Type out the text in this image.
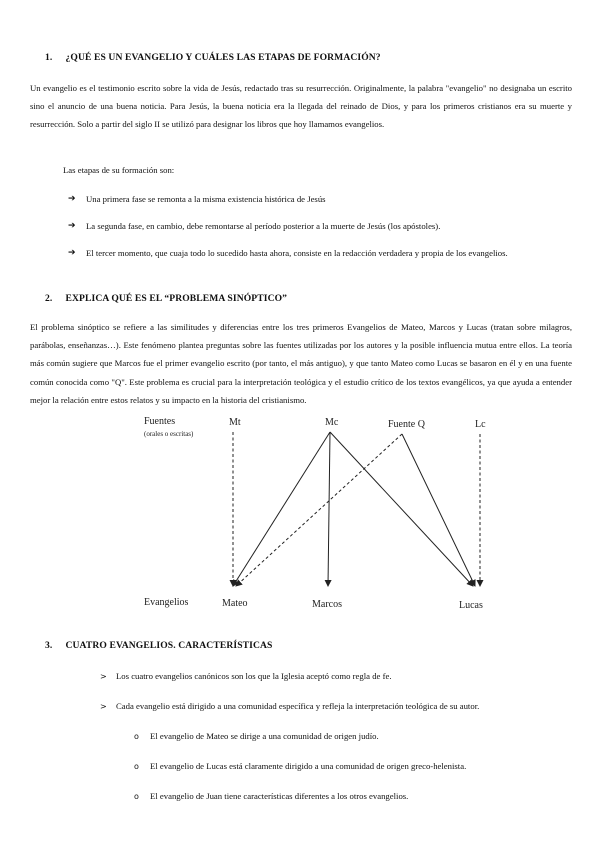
1. ¿QUÉ ES UN EVANGELIO Y CUÁLES LAS ETAPAS DE FORMACIÓN?

Un evangelio es el testimonio escrito sobre la vida de Jesús, redactado tras su resurrección. Originalmente, la palabra "evangelio" no designaba un escrito sino el anuncio de una buena noticia. Para Jesús, la buena noticia era la llegada del reinado de Dios, y para los primeros cristianos era su muerte y resurrección. Solo a partir del siglo II se utilizó para designar los libros que hoy llamamos evangelios.

Las etapas de su formación son:
➔ Una primera fase se remonta a la misma existencia histórica de Jesús
➔ La segunda fase, en cambio, debe remontarse al período posterior a la muerte de Jesús (los apóstoles).
➔ El tercer momento, que cuaja todo lo sucedido hasta ahora, consiste en la redacción verdadera y propia de los evangelios.
2. EXPLICA QUÉ ES EL “PROBLEMA SINÓPTICO”

El problema sinóptico se refiere a las similitudes y diferencias entre los tres primeros Evangelios de Mateo, Marcos y Lucas (tratan sobre milagros, parábolas, enseñanzas…). Este fenómeno plantea preguntas sobre las fuentes utilizadas por los autores y la posible influencia mutua entre ellos. La teoría más común sugiere que Marcos fue el primer evangelio escrito (por tanto, el más antiguo), y que tanto Mateo como Lucas se basaron en él y en una fuente común conocida como "Q". Este problema es crucial para la interpretación teológica y el estudio crítico de los textos evangélicos, ya que ayuda a entender mejor la relación entre estos relatos y su impacto en la historia del cristianismo.

Fuentes
(orales o escritas)
Mt	Mc	Fuente Q	Lc
Evangelios	Mateo	Marcos	Lucas
3. CUATRO EVANGELIOS. CARACTERÍSTICAS
> Los cuatro evangelios canónicos son los que la Iglesia aceptó como regla de fe.
> Cada evangelio está dirigido a una comunidad específica y refleja la interpretación teológica de su autor.
o El evangelio de Mateo se dirige a una comunidad de origen judío.
o El evangelio de Lucas está claramente dirigido a una comunidad de origen greco-helenista.
o El evangelio de Juan tiene características diferentes a los otros evangelios.
